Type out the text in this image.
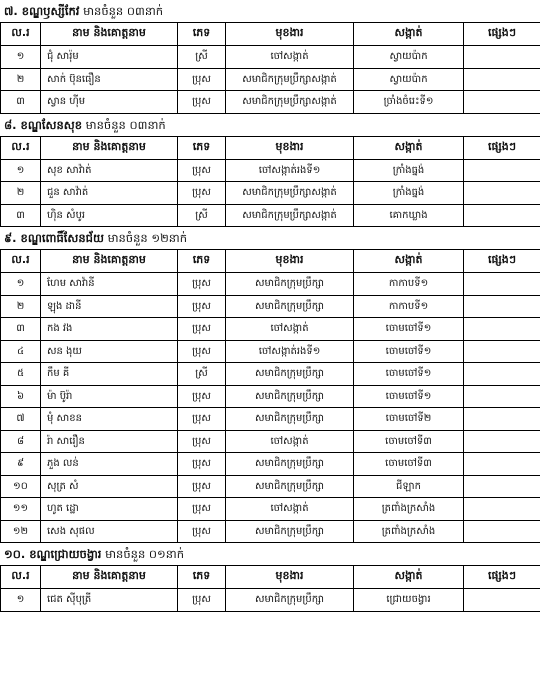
៧. ខណ្ឌឫស្សីកែវ មានចំនួន ០៣នាក់
ល.រ	នាម និងគោត្តនាម	ភេទ	មុខងារ	សង្កាត់	ផ្សេងៗ
១	ជុំ សារ៉ុម	ស្រី	ចៅសង្កាត់	ស្វាយប៉ាក	
២	សាក់ ប៊ុនធឿន	ប្រុស	សមាជិកក្រុមប្រឹក្សាសង្កាត់	ស្វាយប៉ាក	
៣	ស្វាន ហ៊ីម	ប្រុស	សមាជិកក្រុមប្រឹក្សាសង្កាត់	ច្រាំងចំរេះទី១	
៨. ខណ្ឌសែនសុខ មានចំនួន ០៣នាក់
ល.រ	នាម និងគោត្តនាម	ភេទ	មុខងារ	សង្កាត់	ផ្សេងៗ
១	សុខ សាវ៉ាត់	ប្រុស	ចៅសង្កាត់រងទី១	ក្រាំងធ្នង់	
២	ជួន សាវ៉ាត់	ប្រុស	សមាជិកក្រុមប្រឹក្សាសង្កាត់	ក្រាំងធ្នង់	
៣	ហ៊ិន សំបូរ	ស្រី	សមាជិកក្រុមប្រឹក្សាសង្កាត់	គោកឃ្លាង	
៩. ខណ្ឌពោធិ៍សែនជ័យ មានចំនួន ១២នាក់
ល.រ	នាម និងគោត្តនាម	ភេទ	មុខងារ	សង្កាត់	ផ្សេងៗ
១	ហែម សាវ៉ានី	ប្រុស	សមាជិកក្រុមប្រឹក្សា	កាកាបទី១	
២	ឡុង ដានី	ប្រុស	សមាជិកក្រុមប្រឹក្សា	កាកាបទី១	
៣	កង វង	ប្រុស	ចៅសង្កាត់	ចោមចៅទី១	
៤	សន ងុយ	ប្រុស	ចៅសង្កាត់រងទី១	ចោមចៅទី១	
៥	កឹម គី	ស្រី	សមាជិកក្រុមប្រឹក្សា	ចោមចៅទី១	
៦	ម៉ា ប៊ូរ៉ា	ប្រុស	សមាជិកក្រុមប្រឹក្សា	ចោមចៅទី១	
៧	មុំ សាខន	ប្រុស	សមាជិកក្រុមប្រឹក្សា	ចោមចៅទី២	
៨	រ៉ា សារឿន	ប្រុស	ចៅសង្កាត់	ចោមចៅទី៣	
៩	ភួង លន់	ប្រុស	សមាជិកក្រុមប្រឹក្សា	ចោមចៅទី៣	
១០	សុត្រ សំ	ប្រុស	សមាជិកក្រុមប្រឹក្សា	ជីឡាក	
១១	ហូត ដ្ឋោ	ប្រុស	ចៅសង្កាត់	ត្រពាំងក្រសាំង	
១២	សេង សុផល	ប្រុស	សមាជិកក្រុមប្រឹក្សា	ត្រពាំងក្រសាំង	
១០. ខណ្ឌជ្រោយចង្វារ មានចំនួន ០១នាក់
ល.រ	នាម និងគោត្តនាម	ភេទ	មុខងារ	សង្កាត់	ផ្សេងៗ
១	ជេត ស៊ីបុត្រី	ប្រុស	សមាជិកក្រុមប្រឹក្សា	ជ្រោយចង្វារ	
